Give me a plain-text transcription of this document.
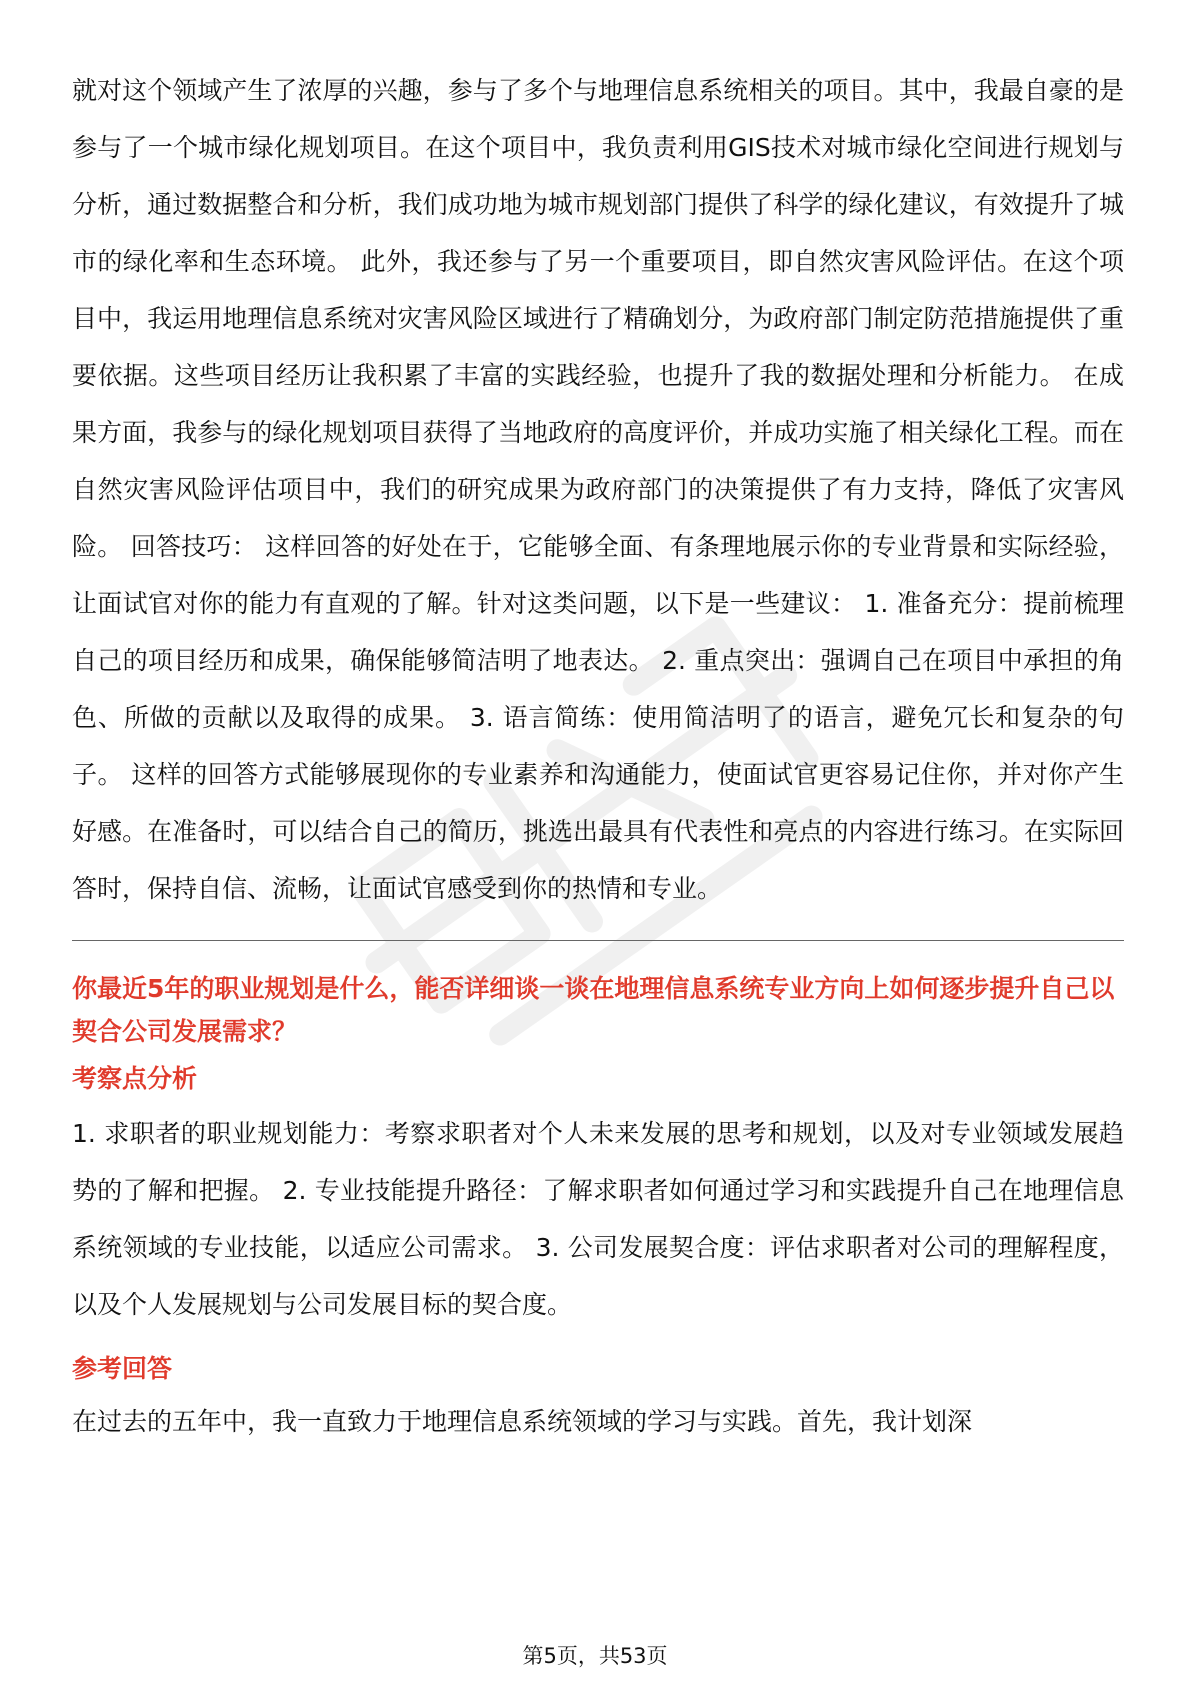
就对这个领域产生了浓厚的兴趣，参与了多个与地理信息系统相关的项目。其中，我最自豪的是参与了一个城市绿化规划项目。在这个项目中，我负责利用GIS技术对城市绿化空间进行规划与分析，通过数据整合和分析，我们成功地为城市规划部门提供了科学的绿化建议，有效提升了城市的绿化率和生态环境。 此外，我还参与了另一个重要项目，即自然灾害风险评估。在这个项目中，我运用地理信息系统对灾害风险区域进行了精确划分，为政府部门制定防范措施提供了重要依据。这些项目经历让我积累了丰富的实践经验，也提升了我的数据处理和分析能力。 在成果方面，我参与的绿化规划项目获得了当地政府的高度评价，并成功实施了相关绿化工程。而在自然灾害风险评估项目中，我们的研究成果为政府部门的决策提供了有力支持，降低了灾害风险。 回答技巧： 这样回答的好处在于，它能够全面、有条理地展示你的专业背景和实际经验，让面试官对你的能力有直观的了解。针对这类问题，以下是一些建议： 1. 准备充分：提前梳理自己的项目经历和成果，确保能够简洁明了地表达。 2. 重点突出：强调自己在项目中承担的角色、所做的贡献以及取得的成果。 3. 语言简练：使用简洁明了的语言，避免冗长和复杂的句子。 这样的回答方式能够展现你的专业素养和沟通能力，使面试官更容易记住你，并对你产生好感。在准备时，可以结合自己的简历，挑选出最具有代表性和亮点的内容进行练习。在实际回答时，保持自信、流畅，让面试官感受到你的热情和专业。

你最近5年的职业规划是什么，能否详细谈一谈在地理信息系统专业方向上如何逐步提升自己以契合公司发展需求？

考察点分析

1. 求职者的职业规划能力：考察求职者对个人未来发展的思考和规划，以及对专业领域发展趋势的了解和把握。 2. 专业技能提升路径：了解求职者如何通过学习和实践提升自己在地理信息系统领域的专业技能，以适应公司需求。 3. 公司发展契合度：评估求职者对公司的理解程度，以及个人发展规划与公司发展目标的契合度。

参考回答

在过去的五年中，我一直致力于地理信息系统领域的学习与实践。首先，我计划深

第5页，共53页
